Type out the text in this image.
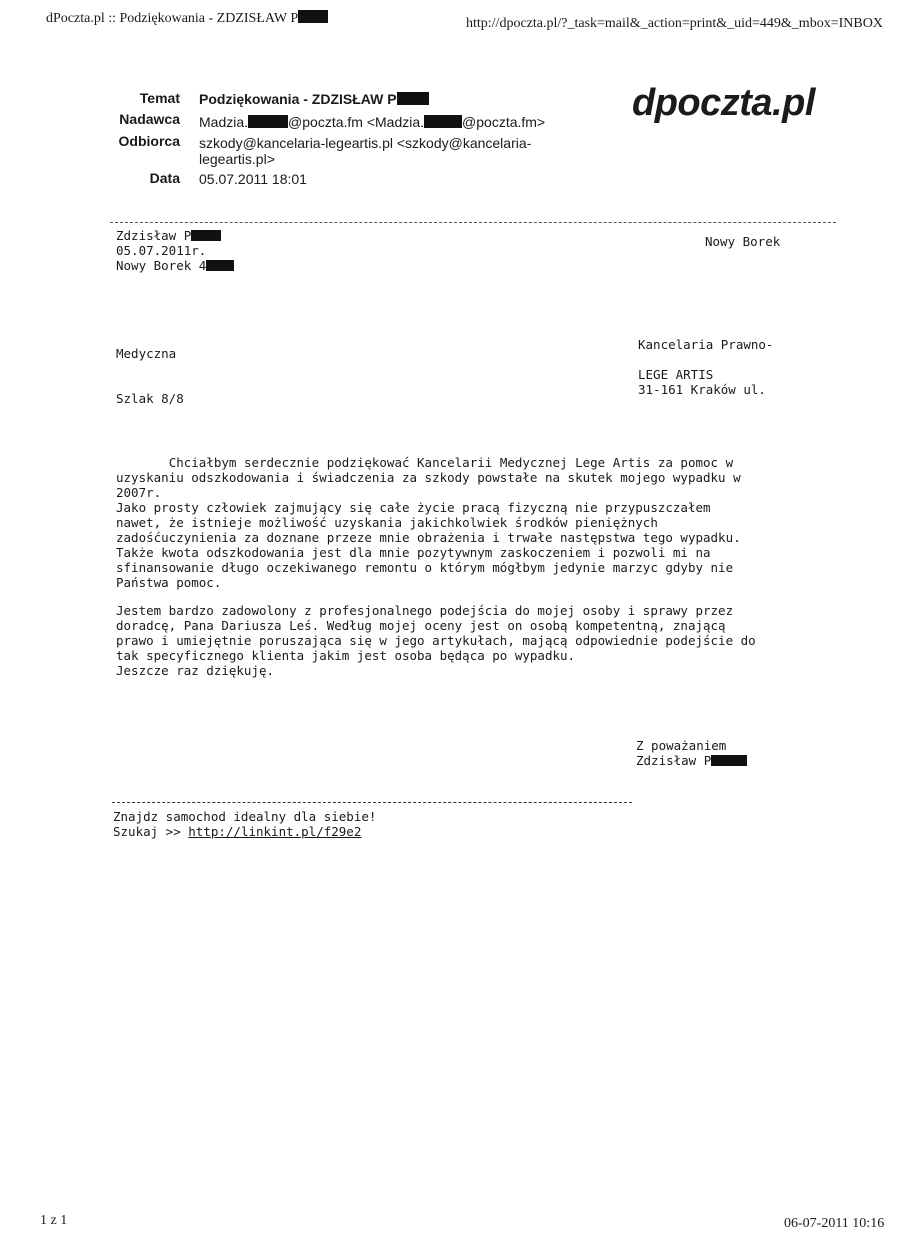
dPoczta.pl :: Podziękowania - ZDZISŁAW P	http://dpoczta.pl/?_task=mail&_action=print&_uid=449&_mbox=INBOX
Temat Podziękowania - ZDZISŁAW P
Nadawca Madzia.	@poczta.fm <Madzia.	@poczta.fm>
Odbiorca szkody@kancelaria-legeartis.pl <szkody@kancelaria-
legeartis.pl>
Data 05.07.2011 18:01
dpoczta.pl
Zdzisław P
05.07.2011r.
Nowy Borek 4
Nowy Borek
Kancelaria Prawno-
Medyczna
LEGE ARTIS
31-161 Kraków ul.
Szlak 8/8
Chciałbym serdecznie podziękować Kancelarii Medycznej Lege Artis za pomoc w
uzyskaniu odszkodowania i świadczenia za szkody powstałe na skutek mojego wypadku w
2007r.
Jako prosty człowiek zajmujący się całe życie pracą fizyczną nie przypuszczałem
nawet, że istnieje możliwość uzyskania jakichkolwiek środków pieniężnych
zadośćuczynienia za doznane przeze mnie obrażenia i trwałe następstwa tego wypadku.
Także kwota odszkodowania jest dla mnie pozytywnym zaskoczeniem i pozwoli mi na
sfinansowanie długo oczekiwanego remontu o którym mógłbym jedynie marzyc gdyby nie
Państwa pomoc.
Jestem bardzo zadowolony z profesjonalnego podejścia do mojej osoby i sprawy przez
doradcę, Pana Dariusza Leś. Według mojej oceny jest on osobą kompetentną, znającą
prawo i umiejętnie poruszająca się w jego artykułach, mającą odpowiednie podejście do
tak specyficznego klienta jakim jest osoba będąca po wypadku.
Jeszcze raz dziękuję.
Z poważaniem
Zdzisław P
Znajdz samochod idealny dla siebie!
Szukaj >> http://linkint.pl/f29e2
1 z 1	06-07-2011 10:16
